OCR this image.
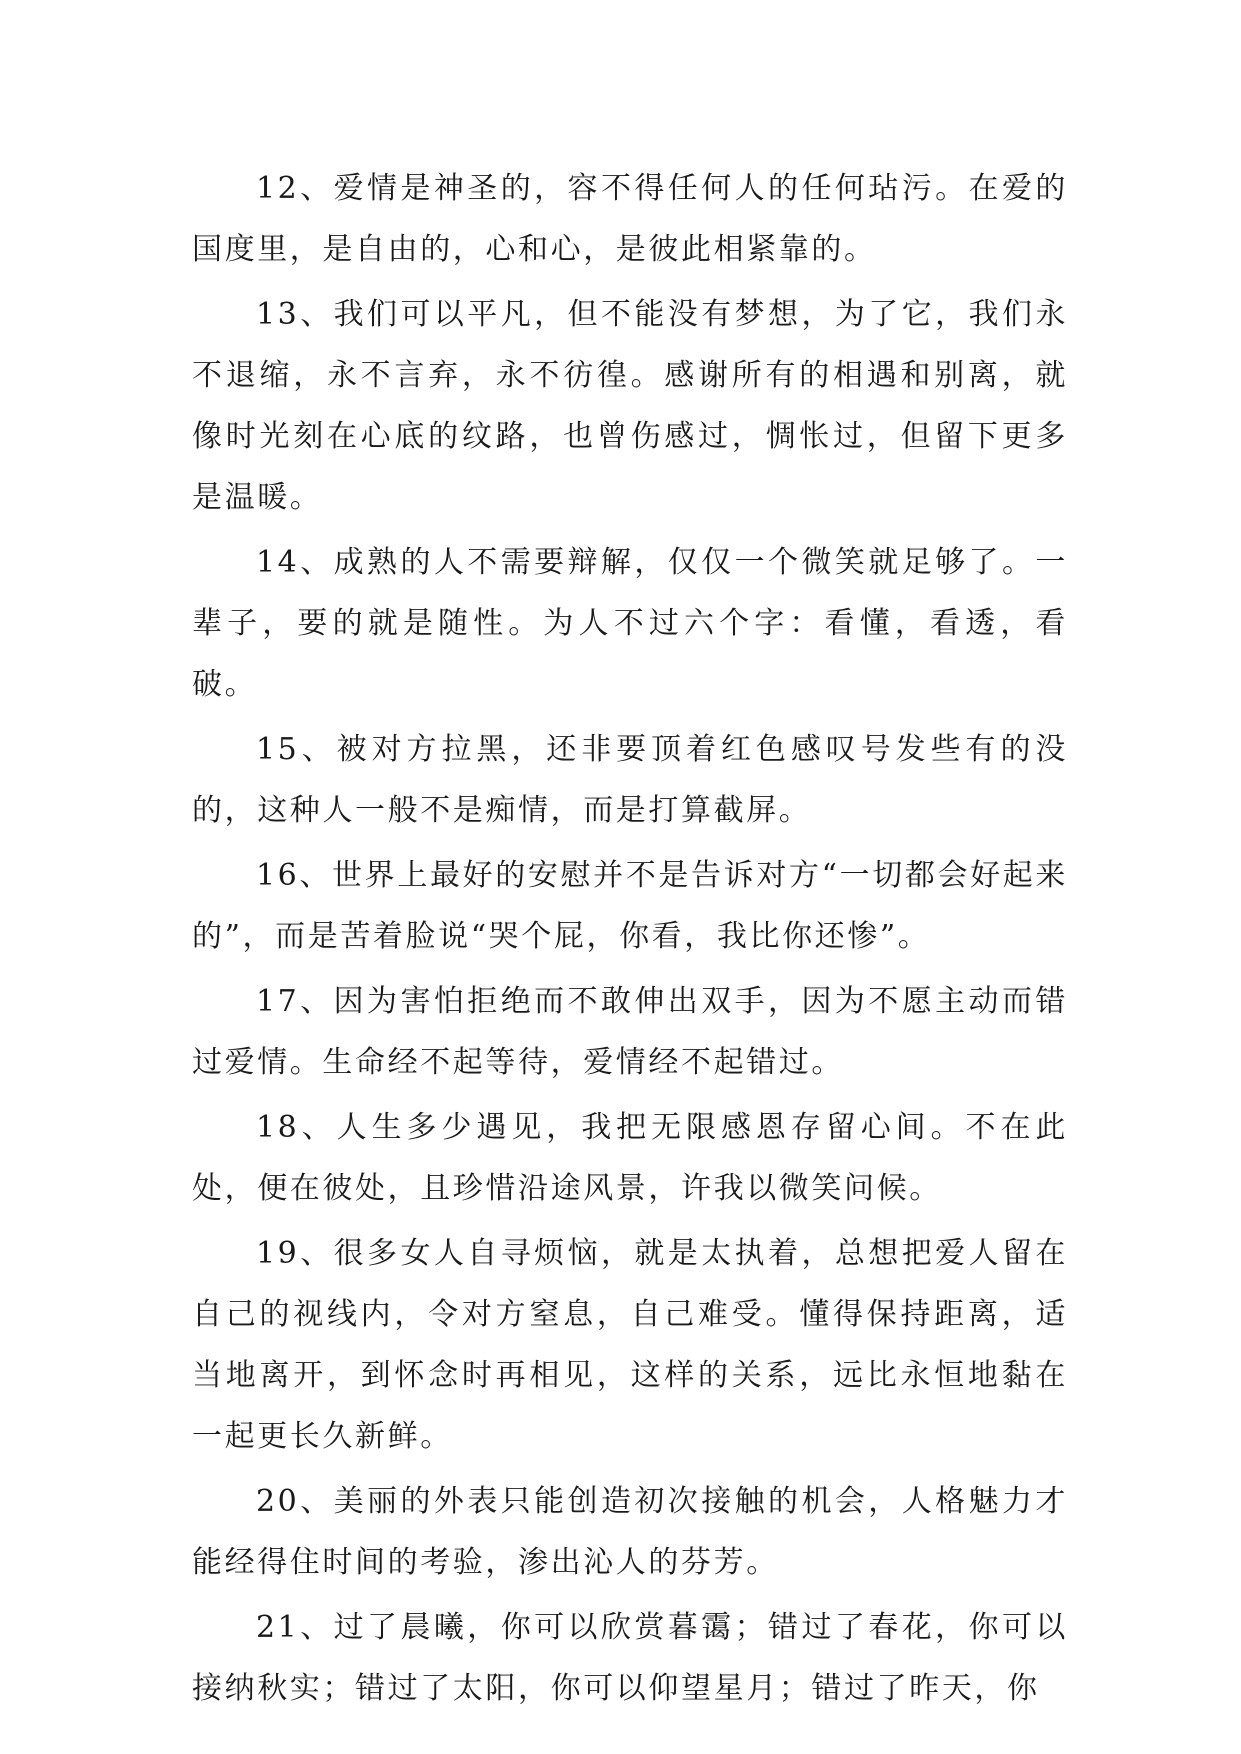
12、爱情是神圣的，容不得任何人的任何玷污。在爱的国度里，是自由的，心和心，是彼此相紧靠的。

13、我们可以平凡，但不能没有梦想，为了它，我们永不退缩，永不言弃，永不彷徨。感谢所有的相遇和别离，就像时光刻在心底的纹路，也曾伤感过，惆怅过，但留下更多是温暖。

14、成熟的人不需要辩解，仅仅一个微笑就足够了。一辈子，要的就是随性。为人不过六个字：看懂，看透，看破。

15、被对方拉黑，还非要顶着红色感叹号发些有的没的，这种人一般不是痴情，而是打算截屏。

16、世界上最好的安慰并不是告诉对方“一切都会好起来的”，而是苦着脸说“哭个屁，你看，我比你还惨”。

17、因为害怕拒绝而不敢伸出双手，因为不愿主动而错过爱情。生命经不起等待，爱情经不起错过。

18、人生多少遇见，我把无限感恩存留心间。不在此处，便在彼处，且珍惜沿途风景，许我以微笑问候。

19、很多女人自寻烦恼，就是太执着，总想把爱人留在自己的视线内，令对方窒息，自己难受。懂得保持距离，适当地离开，到怀念时再相见，这样的关系，远比永恒地黏在一起更长久新鲜。

20、美丽的外表只能创造初次接触的机会，人格魅力才能经得住时间的考验，渗出沁人的芬芳。

21、过了晨曦，你可以欣赏暮霭；错过了春花，你可以接纳秋实；错过了太阳，你可以仰望星月；错过了昨天，你
